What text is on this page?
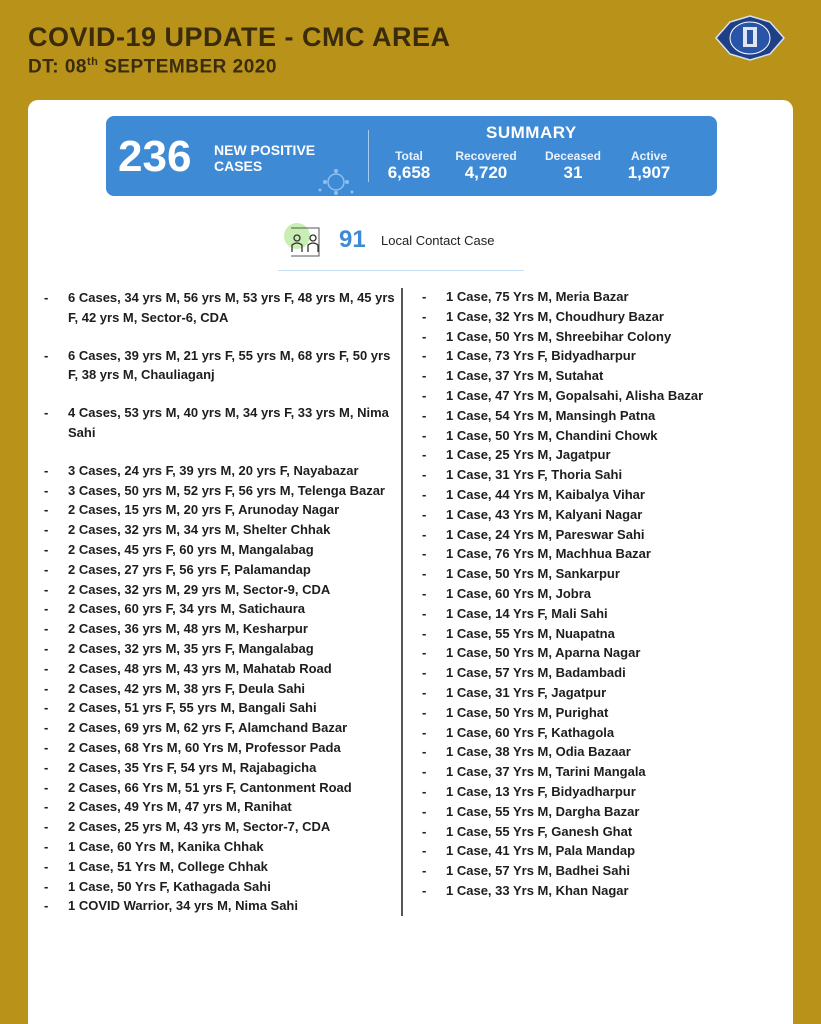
COVID-19 UPDATE - CMC AREA
DT: 08th SEPTEMBER 2020
236 NEW POSITIVE CASES
SUMMARY
Total
6,658
Recovered
4,720
Deceased
31
Active
1,907
91 Local Contact Case
- 6 Cases, 34 yrs M, 56 yrs M, 53 yrs F, 48 yrs M, 45 yrs F, 42 yrs M, Sector-6, CDA
- 6 Cases, 39 yrs M, 21 yrs F, 55 yrs M, 68 yrs F, 50 yrs F, 38 yrs M, Chauliaganj
- 4 Cases, 53 yrs M, 40 yrs M, 34 yrs F, 33 yrs M, Nima Sahi
- 3 Cases, 24 yrs F, 39 yrs M, 20 yrs F, Nayabazar
- 3 Cases, 50 yrs M, 52 yrs F, 56 yrs M, Telenga Bazar
- 2 Cases, 15 yrs M, 20 yrs F, Arunoday Nagar
- 2 Cases, 32 yrs M, 34 yrs M, Shelter Chhak
- 2 Cases, 45 yrs F, 60 yrs M, Mangalabag
- 2 Cases, 27 yrs F, 56 yrs F, Palamandap
- 2 Cases, 32 yrs M, 29 yrs M, Sector-9, CDA
- 2 Cases, 60 yrs F, 34 yrs M, Satichaura
- 2 Cases, 36 yrs M, 48 yrs M, Kesharpur
- 2 Cases, 32 yrs M, 35 yrs F, Mangalabag
- 2 Cases, 48 yrs M, 43 yrs M, Mahatab Road
- 2 Cases, 42 yrs M, 38 yrs F, Deula Sahi
- 2 Cases, 51 yrs F, 55 yrs M, Bangali Sahi
- 2 Cases, 69 yrs M, 62 yrs F, Alamchand Bazar
- 2 Cases, 68 Yrs M, 60 Yrs M, Professor Pada
- 2 Cases, 35 Yrs F, 54 yrs M, Rajabagicha
- 2 Cases, 66 Yrs M, 51 yrs F, Cantonment Road
- 2 Cases, 49 Yrs M, 47 yrs M, Ranihat
- 2 Cases, 25 yrs M, 43 yrs M, Sector-7, CDA
- 1 Case, 60 Yrs M, Kanika Chhak
- 1 Case, 51 Yrs M, College Chhak
- 1 Case, 50 Yrs F, Kathagada Sahi
- 1 COVID Warrior, 34 yrs M, Nima Sahi
- 1 Case, 75 Yrs M, Meria Bazar
- 1 Case, 32 Yrs M, Choudhury Bazar
- 1 Case, 50 Yrs M, Shreebihar Colony
- 1 Case, 73 Yrs F, Bidyadharpur
- 1 Case, 37 Yrs M, Sutahat
- 1 Case, 47 Yrs M, Gopalsahi, Alisha Bazar
- 1 Case, 54 Yrs M, Mansingh Patna
- 1 Case, 50 Yrs M, Chandini Chowk
- 1 Case, 25 Yrs M, Jagatpur
- 1 Case, 31 Yrs F, Thoria Sahi
- 1 Case, 44 Yrs M, Kaibalya Vihar
- 1 Case, 43 Yrs M, Kalyani Nagar
- 1 Case, 24 Yrs M, Pareswar Sahi
- 1 Case, 76 Yrs M, Machhua Bazar
- 1 Case, 50 Yrs M, Sankarpur
- 1 Case, 60 Yrs M, Jobra
- 1 Case, 14 Yrs F, Mali Sahi
- 1 Case, 55 Yrs M, Nuapatna
- 1 Case, 50 Yrs M, Aparna Nagar
- 1 Case, 57 Yrs M, Badambadi
- 1 Case, 31 Yrs F, Jagatpur
- 1 Case, 50 Yrs M, Purighat
- 1 Case, 60 Yrs F, Kathagola
- 1 Case, 38 Yrs M, Odia Bazaar
- 1 Case, 37 Yrs M, Tarini Mangala
- 1 Case, 13 Yrs F, Bidyadharpur
- 1 Case, 55 Yrs M, Dargha Bazar
- 1 Case, 55 Yrs F, Ganesh Ghat
- 1 Case, 41 Yrs M, Pala Mandap
- 1 Case, 57 Yrs M, Badhei Sahi
- 1 Case, 33 Yrs M, Khan Nagar
